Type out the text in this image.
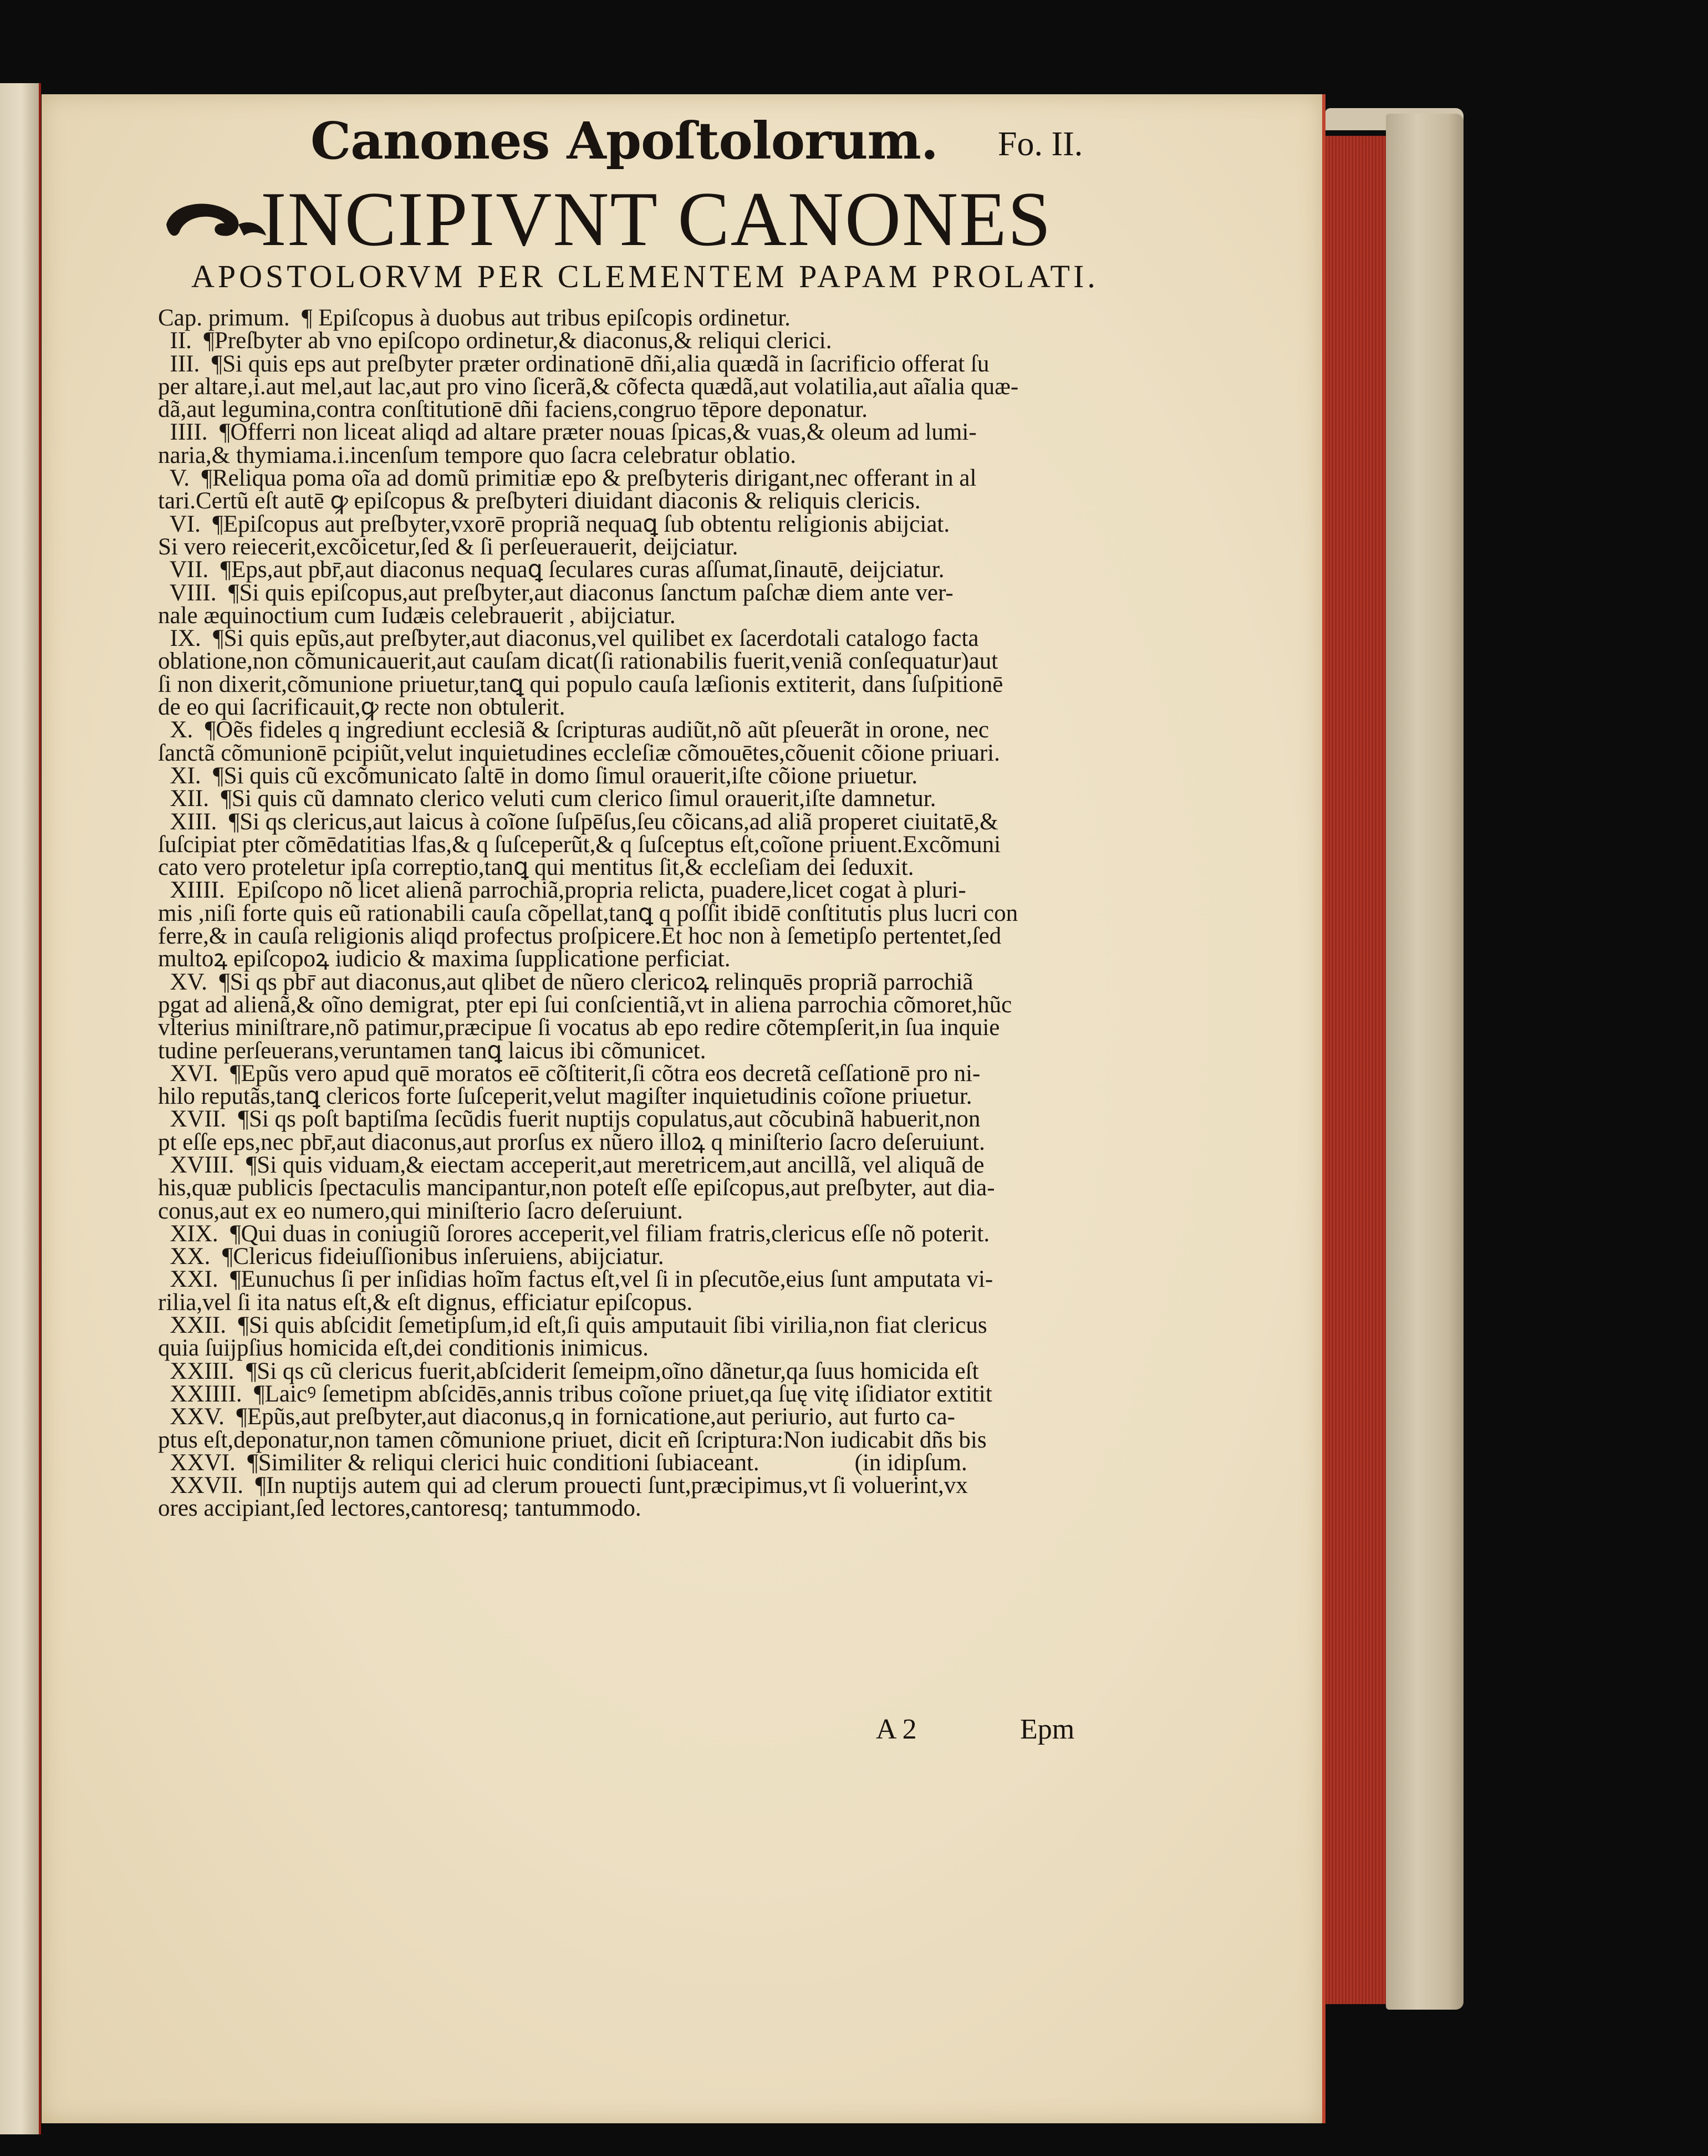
Canones Apoſtolorum. Fo. II.
INCIPIVNT CANONES
APOSTOLORVM PER CLEMENTEM PAPAM PROLATI.
Cap. primum.  ¶ Epiſcopus à duobus aut tribus epiſcopis ordinetur.
II.  ¶Preſbyter ab vno epiſcopo ordinetur,& diaconus,& reliqui clerici.
III.  ¶Si quis eps aut preſbyter præter ordinationē dñi,alia quædã in ſacrificio offerat ſu
per altare,i.aut mel,aut lac,aut pro vino ſicerã,& cõfecta quædã,aut volatilia,aut aĩalia quæ-
dã,aut legumina,contra conſtitutionē dñi faciens,congruo tēpore deponatur.
IIII.  ¶Offerri non liceat aliqd ad altare præter nouas ſpicas,& vuas,& oleum ad lumi-
naria,& thymiama.i.incenſum tempore quo ſacra celebratur oblatio.
V.  ¶Reliqua poma oĩa ad domũ primitiæ epo & preſbyteris dirigant,nec offerant in al
tari.Certũ eſt autē ꝙ epiſcopus & preſbyteri diuidant diaconis & reliquis clericis.
VI.  ¶Epiſcopus aut preſbyter,vxorē propriã nequaꝗ ſub obtentu religionis abĳciat.
Si vero reiecerit,excõicetur,ſed & ſi perſeuerauerit, deĳciatur.
VII.  ¶Eps,aut pbr̄,aut diaconus nequaꝗ ſeculares curas aſſumat,ſinautē, deĳciatur.
VIII.  ¶Si quis epiſcopus,aut preſbyter,aut diaconus ſanctum paſchæ diem ante ver-
nale æquinoctium cum Iudæis celebrauerit , abĳciatur.
IX.  ¶Si quis epũs,aut preſbyter,aut diaconus,vel quilibet ex ſacerdotali catalogo facta
oblatione,non cõmunicauerit,aut cauſam dicat(ſi rationabilis fuerit,veniã conſequatur)aut
ſi non dixerit,cõmunione priuetur,tanꝗ qui populo cauſa læſionis extiterit, dans ſuſpitionē
de eo qui ſacrificauit,ꝙ recte non obtulerit.
X.  ¶Oẽs fideles q ingrediunt ecclesiã & ſcripturas audiũt,nõ aũt pſeuerãt in orone, nec
ſanctã cõmunionē pcipiũt,velut inquietudines eccleſiæ cõmouētes,cõuenit cõione priuari.
XI.  ¶Si quis cũ excõmunicato ſaltē in domo ſimul orauerit,iſte cõione priuetur.
XII.  ¶Si quis cũ damnato clerico veluti cum clerico ſimul orauerit,iſte damnetur.
XIII.  ¶Si qs clericus,aut laicus à coĩone ſuſpēſus,ſeu cõicans,ad aliã properet ciuitatē,&
ſuſcipiat pter cõmēdatitias lfas,& q ſuſceperũt,& q ſuſceptus eſt,coĩone priuent.Excõmuni
cato vero proteletur ipſa correptio,tanꝗ qui mentitus ſit,& eccleſiam dei ſeduxit.
XIIII.  Epiſcopo nõ licet alienã parrochiã,propria relicta, puadere,licet cogat à pluri-
mis ,niſi forte quis eũ rationabili cauſa cõpellat,tanꝗ q poſſit ibidē conſtitutis plus lucri con
ferre,& in cauſa religionis aliqd profectus proſpicere.Et hoc non à ſemetipſo pertentet,ſed
multoꝝ epiſcopoꝝ iudicio & maxima ſupplicatione perficiat.
XV.  ¶Si qs pbr̄ aut diaconus,aut qlibet de nũero clericoꝝ relinquēs propriã parrochiã
pgat ad alienã,& oĩno demigrat, pter epi ſui conſcientiã,vt in aliena parrochia cõmoret,hũc
vlterius miniſtrare,nõ patimur,præcipue ſi vocatus ab epo redire cõtempſerit,in ſua inquie
tudine perſeuerans,veruntamen tanꝗ laicus ibi cõmunicet.
XVI.  ¶Epũs vero apud quē moratos eē cõſtiterit,ſi cõtra eos decretã ceſſationē pro ni-
hilo reputãs,tanꝗ clericos forte ſuſceperit,velut magiſter inquietudinis coĩone priuetur.
XVII.  ¶Si qs poſt baptiſma ſecũdis fuerit nuptĳs copulatus,aut cõcubinã habuerit,non
pt eſſe eps,nec pbr̄,aut diaconus,aut prorſus ex nũero illoꝝ q miniſterio ſacro deſeruiunt.
XVIII.  ¶Si quis viduam,& eiectam acceperit,aut meretricem,aut ancillã, vel aliquã de
his,quæ publicis ſpectaculis mancipantur,non poteſt eſſe epiſcopus,aut preſbyter, aut dia-
conus,aut ex eo numero,qui miniſterio ſacro deſeruiunt.
XIX.  ¶Qui duas in coniugiũ ſorores acceperit,vel filiam fratris,clericus eſſe nõ poterit.
XX.  ¶Clericus fideiuſſionibus inſeruiens, abĳciatur.
XXI.  ¶Eunuchus ſi per inſidias hoĩm factus eſt,vel ſi in pſecutõe,eius ſunt amputata vi-
rilia,vel ſi ita natus eſt,& eſt dignus, efficiatur epiſcopus.
XXII.  ¶Si quis abſcidit ſemetipſum,id eſt,ſi quis amputauit ſibi virilia,non fiat clericus
quia ſuĳpſius homicida eſt,dei conditionis inimicus.
XXIII.  ¶Si qs cũ clericus fuerit,abſciderit ſemeipm,oĩno dãnetur,qa ſuus homicida eſt
XXIIII.  ¶Laicꝰ ſemetipm abſcidēs,annis tribus coĩone priuet,qa ſuę vitę iſidiator extitit
XXV.  ¶Epũs,aut preſbyter,aut diaconus,q in fornicatione,aut periurio, aut furto ca-
ptus eſt,deponatur,non tamen cõmunione priuet, dicit eñ ſcriptura:Non iudicabit dñs bis
XXVI.  ¶Similiter & reliqui clerici huic conditioni ſubiaceant.                (in idipſum.
XXVII.  ¶In nuptĳs autem qui ad clerum prouecti ſunt,præcipimus,vt ſi voluerint,vx
ores accipiant,ſed lectores,cantoresq; tantummodo.
A 2	Epm
